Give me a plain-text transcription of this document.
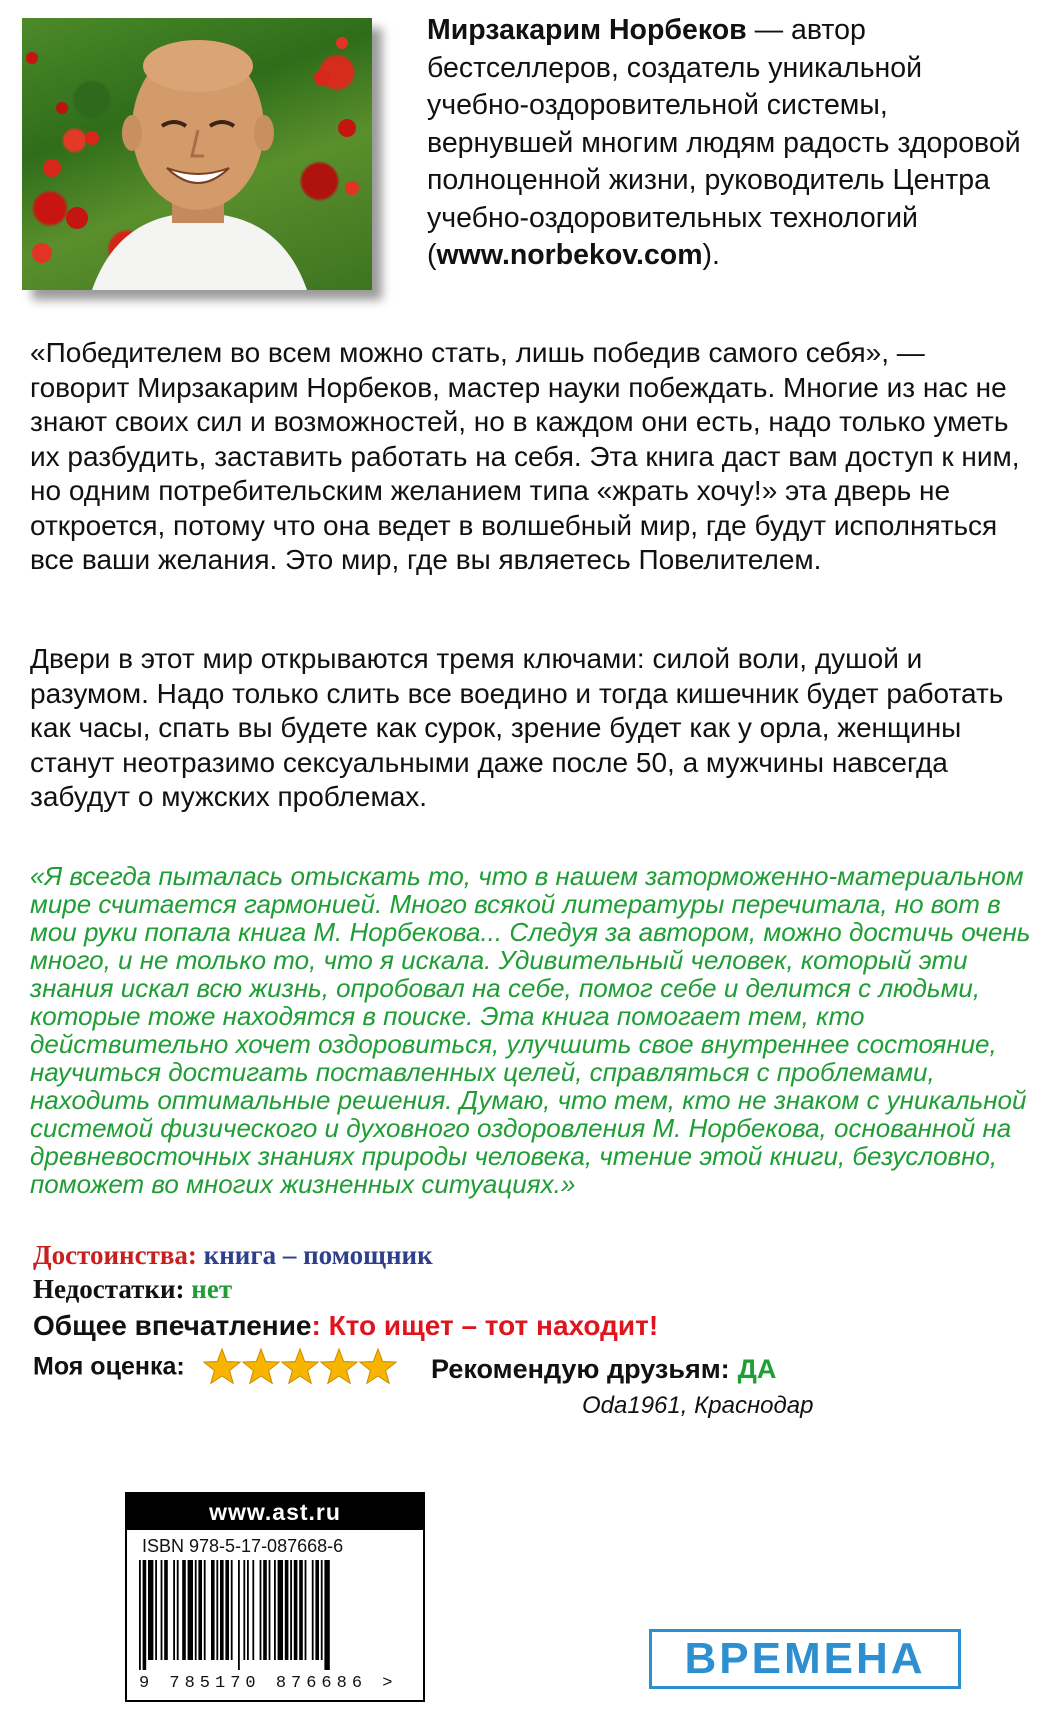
Мирзакарим Норбеков — автор бестселлеров, создатель уникальной учебно-оздоровительной системы, вернувшей многим людям радость здоровой полноценной жизни, руководитель Центра учебно-оздоровительных технологий (www.norbekov.com).

«Победителем во всем можно стать, лишь победив самого себя», — говорит Мирзакарим Норбеков, мастер науки побеждать. Многие из нас не знают своих сил и возможностей, но в каждом они есть, надо только уметь их разбудить, заставить работать на себя. Эта книга даст вам доступ к ним, но одним потребительским желанием типа «жрать хочу!» эта дверь не откроется, потому что она ведет в волшебный мир, где будут исполняться все ваши желания. Это мир, где вы являетесь Повелителем.

Двери в этот мир открываются тремя ключами: силой воли, душой и разумом. Надо только слить все воедино и тогда кишечник будет работать как часы, спать вы будете как сурок, зрение будет как у орла, женщины станут неотразимо сексуальными даже после 50, а мужчины навсегда забудут о мужских проблемах.

«Я всегда пыталась отыскать то, что в нашем заторможенно-материальном мире считается гармонией. Много всякой литературы перечитала, но вот в мои руки попала книга М. Норбекова... Следуя за автором, можно достичь очень много, и не только то, что я искала. Удивительный человек, который эти знания искал всю жизнь, опробовал на себе, помог себе и делится с людьми, которые тоже находятся в поиске. Эта книга помогает тем, кто действительно хочет оздоровиться, улучшить свое внутреннее состояние, научиться достигать поставленных целей, справляться с проблемами, находить оптимальные решения. Думаю, что тем, кто не знаком с уникальной системой физического и духовного оздоровления М. Норбекова, основанной на древневосточных знаниях природы человека, чтение этой книги, безусловно, поможет во многих жизненных ситуациях.»

Достоинства: книга – помощник
Недостатки: нет
Общее впечатление: Кто ищет – тот находит!
Моя оценка:	Рекомендую друзьям: ДА
Oda1961, Краснодар
www.ast.ru
ISBN 978-5-17-087668-6
9 785170 876686 >
ВРЕМЕНА
